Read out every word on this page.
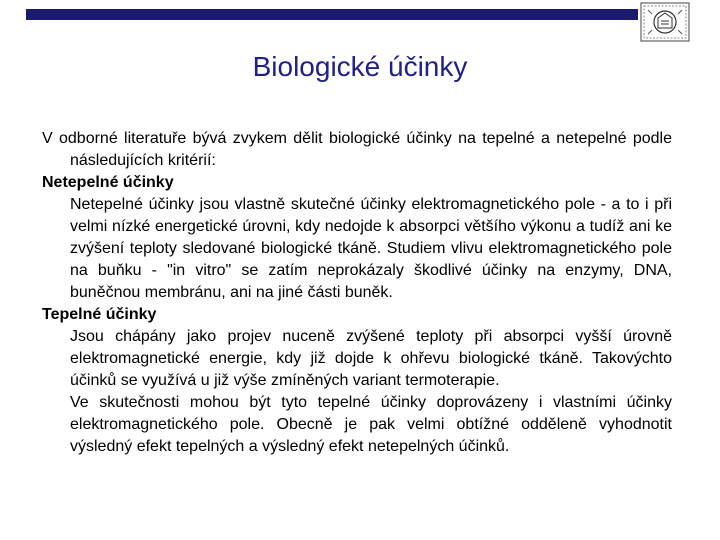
Biologické účinky

V odborné literatuře bývá zvykem dělit biologické účinky na tepelné a netepelné podle následujících kritérií:

Netepelné účinky

Netepelné účinky jsou vlastně skutečné účinky elektromagnetického pole - a to i při velmi nízké energetické úrovni, kdy nedojde k absorpci většího výkonu a tudíž ani ke zvýšení teploty sledované biologické tkáně. Studiem vlivu elektromagnetického pole na buňku - "in vitro" se zatím neprokázaly škodlivé účinky na enzymy, DNA, buněčnou membránu, ani na jiné části buněk.

Tepelné účinky

Jsou chápány jako projev nuceně zvýšené teploty při absorpci vyšší úrovně elektromagnetické energie, kdy již dojde k ohřevu biologické tkáně. Takovýchto účinků se využívá u již výše zmíněných variant termoterapie.

Ve skutečnosti mohou být tyto tepelné účinky doprovázeny i vlastními účinky elektromagnetického pole. Obecně je pak velmi obtížné odděleně vyhodnotit výsledný efekt tepelných a výsledný efekt netepelných účinků.
